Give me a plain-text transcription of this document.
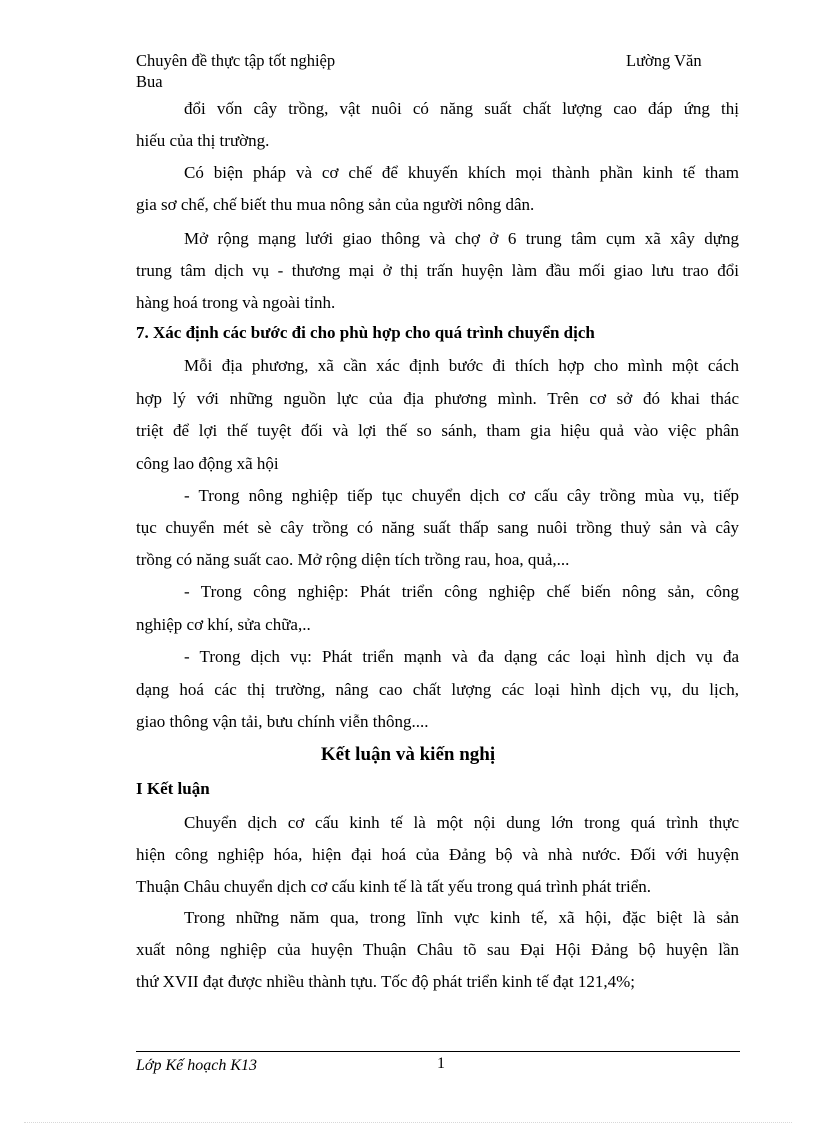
Chuyên đề thực tập tốt nghiệp	Lường Văn
Bua
đổi vốn cây trồng, vật nuôi có năng suất chất lượng cao đáp ứng thị
hiếu của thị trường.
Có biện pháp và cơ chế để khuyến khích mọi thành phần kinh tế tham
gia sơ chế, chế biết thu mua nông sản của người nông dân.
Mở rộng mạng lưới giao thông và chợ ở 6 trung tâm cụm xã xây dựng
trung tâm dịch vụ - thương mại ở thị trấn huyện làm đầu mối giao lưu trao đổi
hàng hoá trong và ngoài tỉnh.
7. Xác định các bước đi cho phù hợp cho quá trình chuyển dịch
Mỗi địa phương, xã cần xác định bước đi thích hợp cho mình một cách
hợp lý với những nguồn lực của địa phương mình. Trên cơ sở đó khai thác
triệt để lợi thế tuyệt đối và lợi thế so sánh, tham gia hiệu quả vào việc phân
công lao động xã hội
- Trong nông nghiệp tiếp tục chuyển dịch cơ cấu cây trồng mùa vụ, tiếp
tục chuyển mét sè cây trồng có năng suất thấp sang nuôi trồng thuỷ sản và cây
trồng có năng suất cao. Mở rộng diện tích trồng rau, hoa, quả,...
- Trong công nghiệp: Phát triển công nghiệp chế biến nông sản, công
nghiệp cơ khí, sửa chữa,..
- Trong dịch vụ: Phát triển mạnh và đa dạng các loại hình dịch vụ đa
dạng hoá các thị trường, nâng cao chất lượng các loại hình dịch vụ, du lịch,
giao thông vận tải, bưu chính viễn thông....
Kết luận và kiến nghị
I Kết luận
Chuyển dịch cơ cấu kinh tế là một nội dung lớn trong quá trình thực
hiện công nghiệp hóa, hiện đại hoá của Đảng bộ và nhà nước. Đối với huyện
Thuận Châu chuyển dịch cơ cấu kinh tế là tất yếu trong quá trình phát triển.
Trong những năm qua, trong lĩnh vực kinh tế, xã hội, đặc biệt là sản
xuất nông nghiệp của huyện Thuận Châu tõ sau Đại Hội Đảng bộ huyện lần
thứ XVII đạt được nhiều thành tựu. Tốc độ phát triển kinh tế đạt 121,4%;
Lớp Kế hoạch K13	1
